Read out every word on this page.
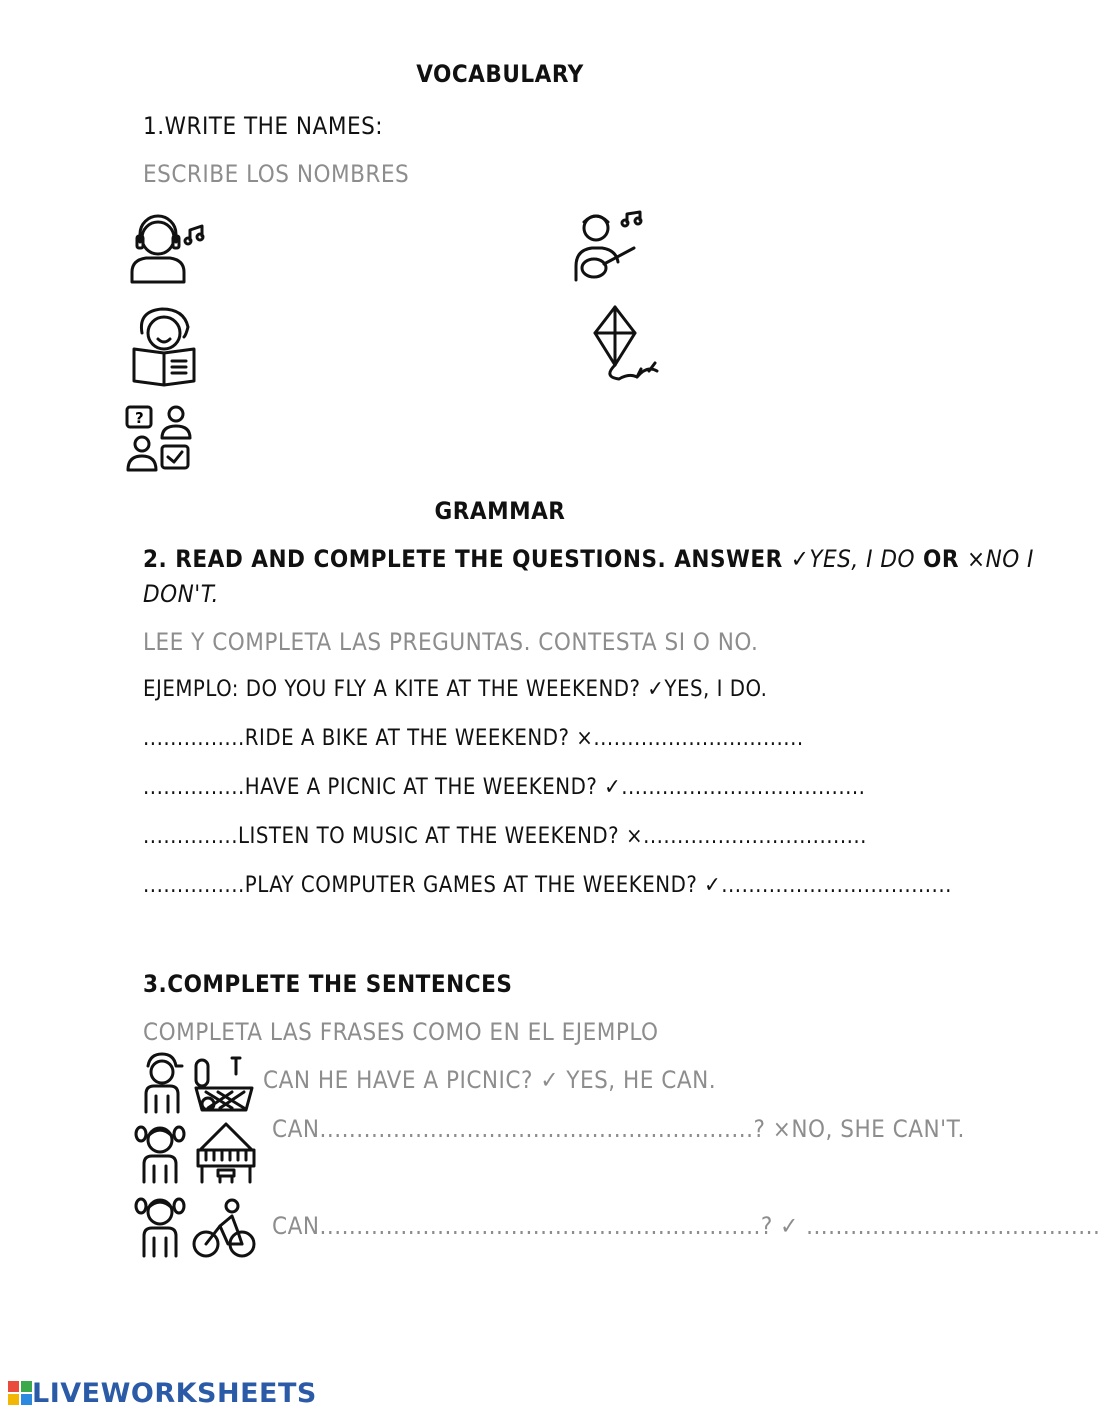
VOCABULARY
1.WRITE THE NAMES:
ESCRIBE LOS NOMBRES
?
GRAMMAR
2. READ AND COMPLETE THE QUESTIONS. ANSWER ✓YES, I DO OR ×NO I
DON'T.
LEE Y COMPLETA LAS PREGUNTAS. CONTESTA SI O NO.
EJEMPLO: DO YOU FLY A KITE AT THE WEEKEND? ✓YES, I DO.
...............RIDE A BIKE AT THE WEEKEND? ×...............................
...............HAVE A PICNIC AT THE WEEKEND? ✓....................................
..............LISTEN TO MUSIC AT THE WEEKEND? ×.................................
...............PLAY COMPUTER GAMES AT THE WEEKEND? ✓..................................
3.COMPLETE THE SENTENCES
COMPLETA LAS FRASES COMO EN EL EJEMPLO
CAN HE HAVE A PICNIC? ✓ YES, HE CAN.
CAN...........................................................? ×NO, SHE CAN'T.
CAN............................................................? ✓ ........................................
LIVEWORKSHEETS
